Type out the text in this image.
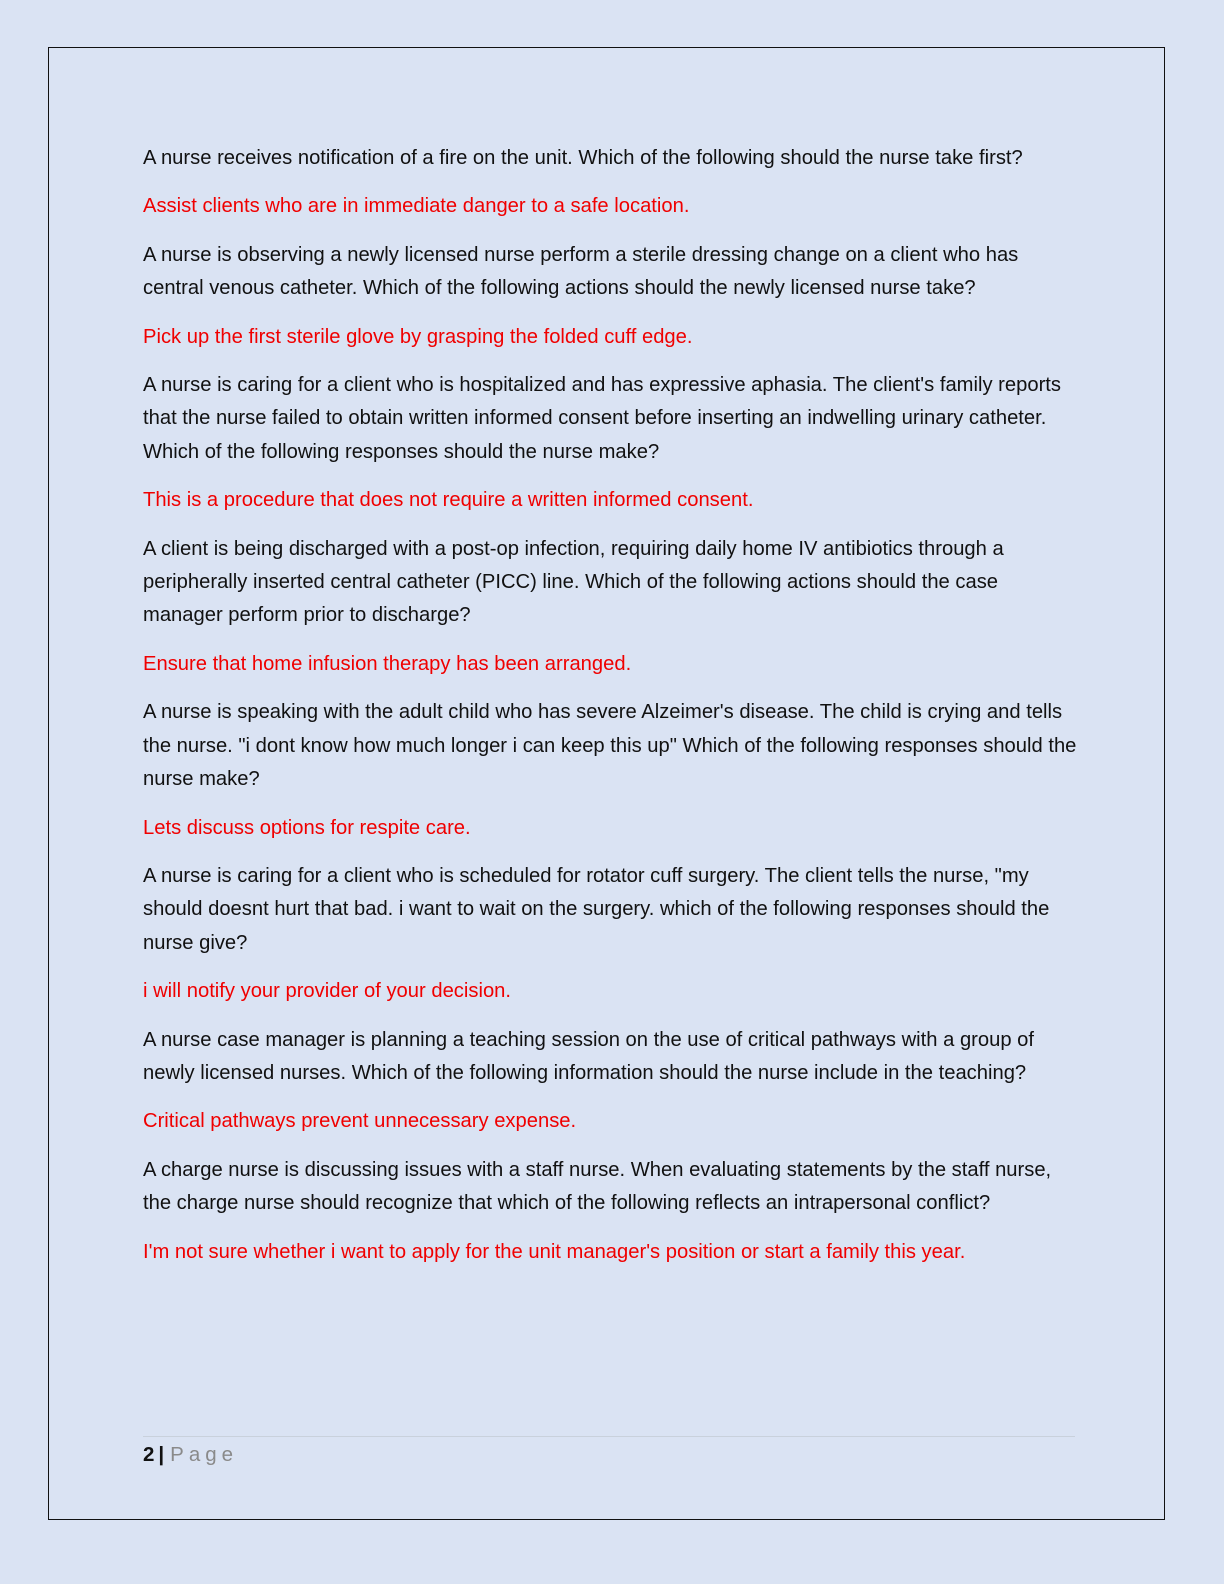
A nurse receives notification of a fire on the unit. Which of the following should the nurse take first?

Assist clients who are in immediate danger to a safe location.

A nurse is observing a newly licensed nurse perform a sterile dressing change on a client who has central venous catheter. Which of the following actions should the newly licensed nurse take?

Pick up the first sterile glove by grasping the folded cuff edge.

A nurse is caring for a client who is hospitalized and has expressive aphasia. The client's family reports that the nurse failed to obtain written informed consent before inserting an indwelling urinary catheter. Which of the following responses should the nurse make?

This is a procedure that does not require a written informed consent.

A client is being discharged with a post-op infection, requiring daily home IV antibiotics through a peripherally inserted central catheter (PICC) line. Which of the following actions should the case manager perform prior to discharge?

Ensure that home infusion therapy has been arranged.

A nurse is speaking with the adult child who has severe Alzeimer's disease. The child is crying and tells the nurse. "i dont know how much longer i can keep this up" Which of the following responses should the nurse make?

Lets discuss options for respite care.

A nurse is caring for a client who is scheduled for rotator cuff surgery. The client tells the nurse, "my should doesnt hurt that bad. i want to wait on the surgery. which of the following responses should the nurse give?

i will notify your provider of your decision.

A nurse case manager is planning a teaching session on the use of critical pathways with a group of newly licensed nurses. Which of the following information should the nurse include in the teaching?

Critical pathways prevent unnecessary expense.

A charge nurse is discussing issues with a staff nurse. When evaluating statements by the staff nurse, the charge nurse should recognize that which of the following reflects an intrapersonal conflict?

I'm not sure whether i want to apply for the unit manager's position or start a family this year.

2 | Page
